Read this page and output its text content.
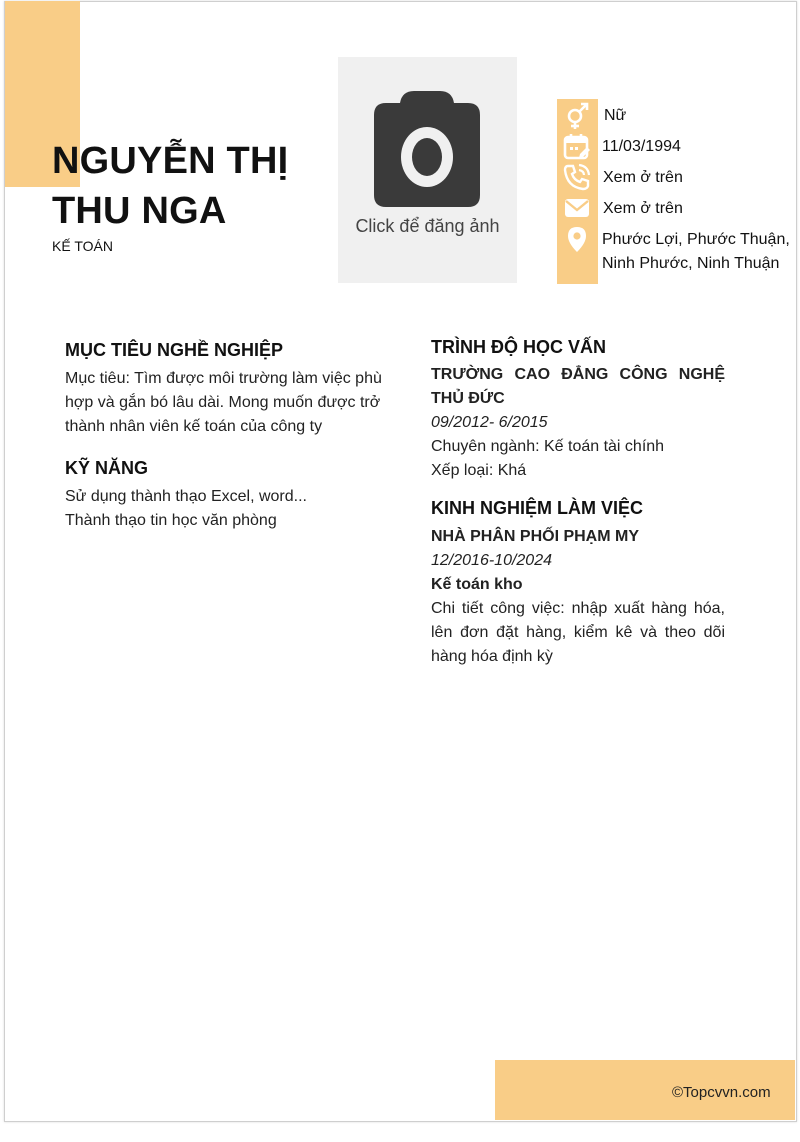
NGUYỄN THỊ
THU NGA
KẾ TOÁN
Click để đăng ảnh
Nữ
11/03/1994
Xem ở trên
Xem ở trên
Phước Lợi, Phước Thuận,
Ninh Phước, Ninh Thuận
MỤC TIÊU NGHỀ NGHIỆP
Mục tiêu: Tìm được môi trường làm việc phù hợp và gắn bó lâu dài. Mong muốn được trở thành nhân viên kế toán của công ty
KỸ NĂNG
Sử dụng thành thạo Excel, word...
Thành thạo tin học văn phòng
TRÌNH ĐỘ HỌC VẤN
TRƯỜNG CAO ĐẲNG CÔNG NGHỆ THỦ ĐỨC
09/2012- 6/2015
Chuyên ngành: Kế toán tài chính
Xếp loại: Khá
KINH NGHIỆM LÀM VIỆC
NHÀ PHÂN PHỐI PHẠM MY
12/2016-10/2024
Kế toán kho
Chi tiết công việc: nhập xuất hàng hóa, lên đơn đặt hàng, kiểm kê và theo dõi hàng hóa định kỳ
©Topcvvn.com
